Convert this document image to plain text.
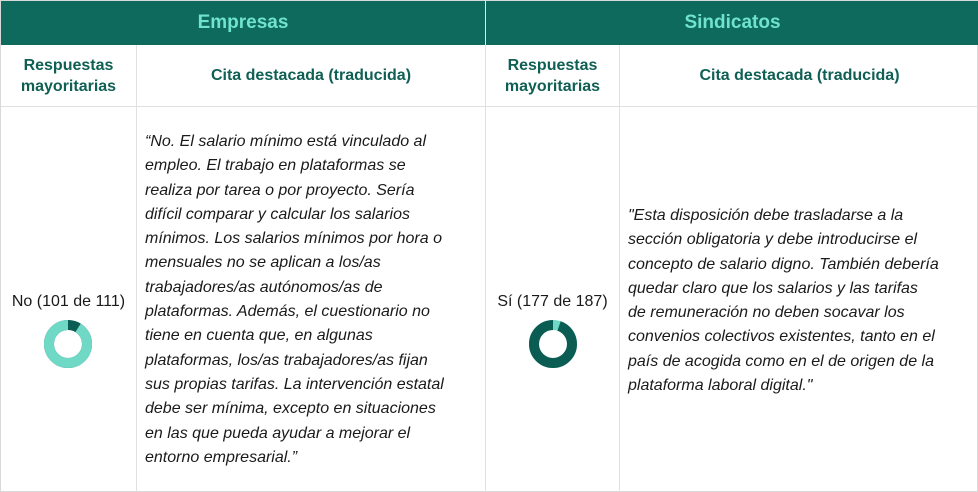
Empresas	Sindicatos
Respuestas
mayoritarias
Cita destacada (traducida)
Respuestas
mayoritarias
Cita destacada (traducida)
No (101 de 111)
“No. El salario mínimo está vinculado al
empleo. El trabajo en plataformas se
realiza por tarea o por proyecto. Sería
difícil comparar y calcular los salarios
mínimos. Los salarios mínimos por hora o
mensuales no se aplican a los/as
trabajadores/as autónomos/as de
plataformas. Además, el cuestionario no
tiene en cuenta que, en algunas
plataformas, los/as trabajadores/as fijan
sus propias tarifas. La intervención estatal
debe ser mínima, excepto en situaciones
en las que pueda ayudar a mejorar el
entorno empresarial.”
Sí (177 de 187)
"Esta disposición debe trasladarse a la
sección obligatoria y debe introducirse el
concepto de salario digno. También debería
quedar claro que los salarios y las tarifas
de remuneración no deben socavar los
convenios colectivos existentes, tanto en el
país de acogida como en el de origen de la
plataforma laboral digital."
